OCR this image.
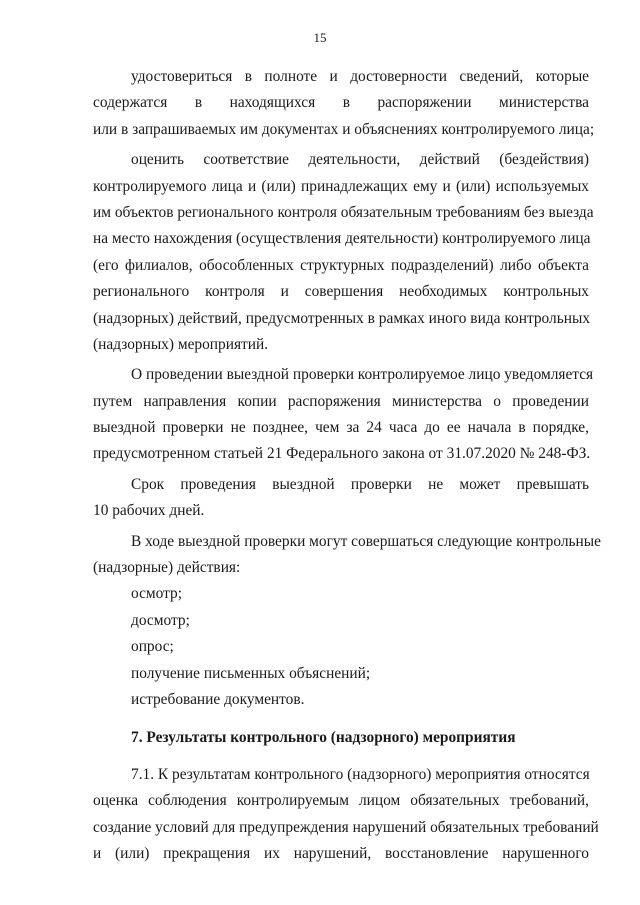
15
удостовериться в полноте и достоверности сведений, которые
содержатся в находящихся в распоряжении министерства
или в запрашиваемых им документах и объяснениях контролируемого лица;
оценить соответствие деятельности, действий (бездействия)
контролируемого лица и (или) принадлежащих ему и (или) используемых
им объектов регионального контроля обязательным требованиям без выезда
на место нахождения (осуществления деятельности) контролируемого лица
(его филиалов, обособленных структурных подразделений) либо объекта
регионального контроля и совершения необходимых контрольных
(надзорных) действий, предусмотренных в рамках иного вида контрольных
(надзорных) мероприятий.
О проведении выездной проверки контролируемое лицо уведомляется
путем направления копии распоряжения министерства о проведении
выездной проверки не позднее, чем за 24 часа до ее начала в порядке,
предусмотренном статьей 21 Федерального закона от 31.07.2020 № 248-ФЗ.
Срок проведения выездной проверки не может превышать
10 рабочих дней.
В ходе выездной проверки могут совершаться следующие контрольные
(надзорные) действия:
осмотр;
досмотр;
опрос;
получение письменных объяснений;
истребование документов.
7. Результаты контрольного (надзорного) мероприятия
7.1. К результатам контрольного (надзорного) мероприятия относятся
оценка соблюдения контролируемым лицом обязательных требований,
создание условий для предупреждения нарушений обязательных требований
и (или) прекращения их нарушений, восстановление нарушенного
